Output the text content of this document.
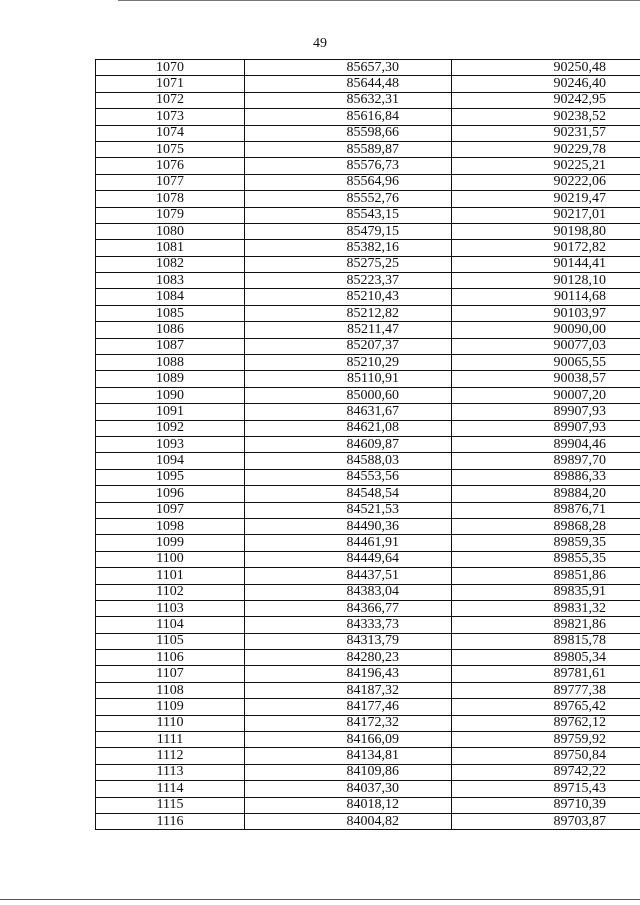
49
1070	85657,30	90250,48
1071	85644,48	90246,40
1072	85632,31	90242,95
1073	85616,84	90238,52
1074	85598,66	90231,57
1075	85589,87	90229,78
1076	85576,73	90225,21
1077	85564,96	90222,06
1078	85552,76	90219,47
1079	85543,15	90217,01
1080	85479,15	90198,80
1081	85382,16	90172,82
1082	85275,25	90144,41
1083	85223,37	90128,10
1084	85210,43	90114,68
1085	85212,82	90103,97
1086	85211,47	90090,00
1087	85207,37	90077,03
1088	85210,29	90065,55
1089	85110,91	90038,57
1090	85000,60	90007,20
1091	84631,67	89907,93
1092	84621,08	89907,93
1093	84609,87	89904,46
1094	84588,03	89897,70
1095	84553,56	89886,33
1096	84548,54	89884,20
1097	84521,53	89876,71
1098	84490,36	89868,28
1099	84461,91	89859,35
1100	84449,64	89855,35
1101	84437,51	89851,86
1102	84383,04	89835,91
1103	84366,77	89831,32
1104	84333,73	89821,86
1105	84313,79	89815,78
1106	84280,23	89805,34
1107	84196,43	89781,61
1108	84187,32	89777,38
1109	84177,46	89765,42
1110	84172,32	89762,12
1111	84166,09	89759,92
1112	84134,81	89750,84
1113	84109,86	89742,22
1114	84037,30	89715,43
1115	84018,12	89710,39
1116	84004,82	89703,87
